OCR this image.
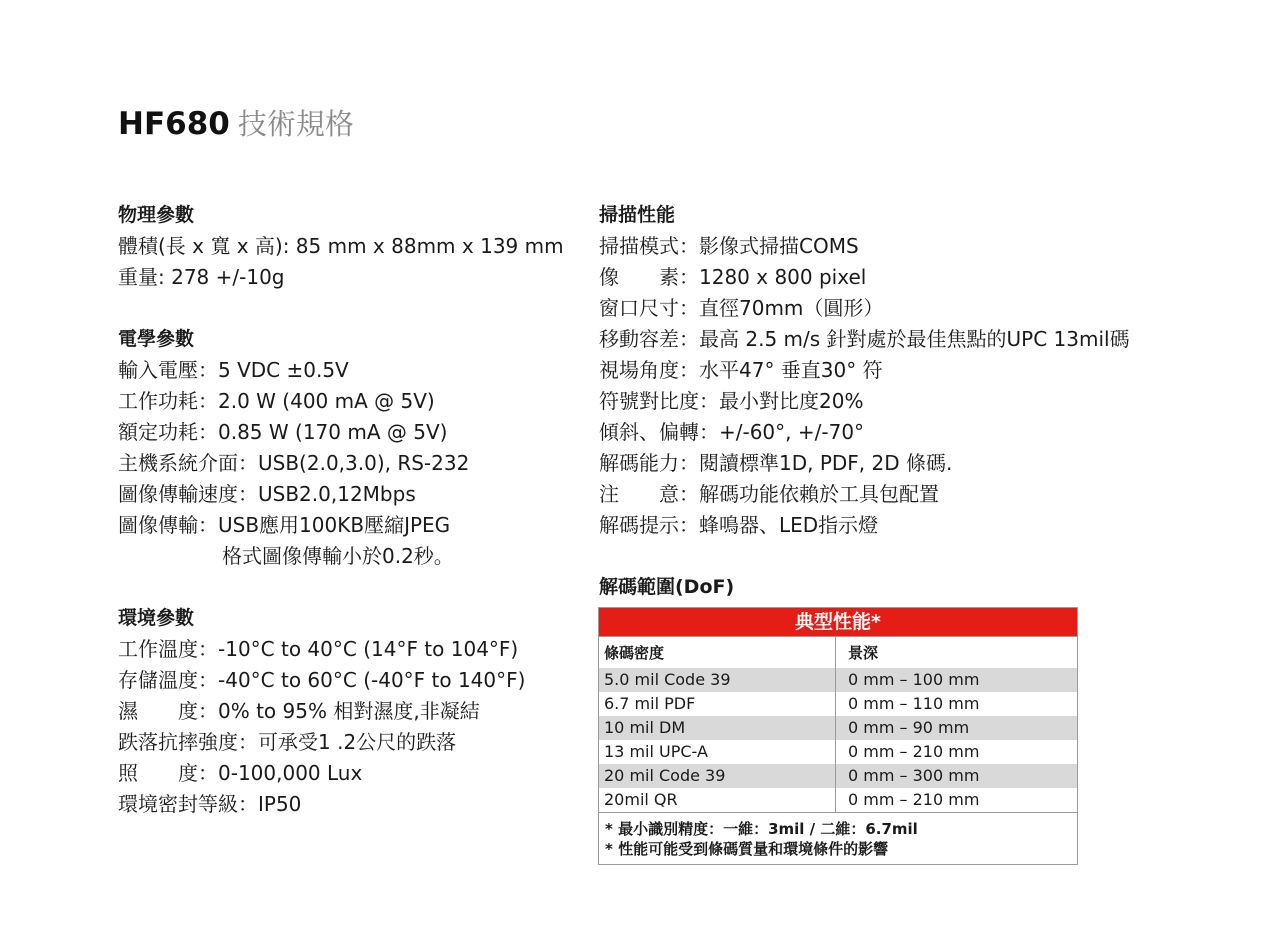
HF680 技術規格
物理參數
體積(長 x 寬 x 高): 85 mm x 88mm x 139 mm
重量: 278 +/-10g
電學參數
輸入電壓：5 VDC ±0.5V
工作功耗：2.0 W (400 mA @ 5V)
額定功耗：0.85 W (170 mA @ 5V)
主機系統介面：USB(2.0,3.0), RS-232
圖像傳輸速度：USB2.0,12Mbps
圖像傳輸：USB應用100KB壓縮JPEG
格式圖像傳輸小於0.2秒。
環境參數
工作溫度：-10°C to 40°C (14°F to 104°F)
存儲溫度：-40°C to 60°C (-40°F to 140°F)
濕　　度：0% to 95% 相對濕度,非凝結
跌落抗摔強度：可承受1 .2公尺的跌落
照　　度：0-100,000 Lux
環境密封等級：IP50
掃描性能
掃描模式：影像式掃描COMS
像　　素：1280 x 800 pixel
窗口尺寸：直徑70mm（圓形）
移動容差：最高 2.5 m/s 針對處於最佳焦點的UPC 13mil碼
視場角度：水平47° 垂直30° 符
符號對比度：最小對比度20%
傾斜、偏轉：+/-60°, +/-70°
解碼能力：閱讀標準1D, PDF, 2D 條碼.
注　　意：解碼功能依賴於工具包配置
解碼提示：蜂鳴器、LED指示燈
解碼範圍(DoF)
典型性能*
條碼密度	景深
5.0 mil Code 39	0 mm – 100 mm
6.7 mil PDF	0 mm – 110 mm
10 mil DM	0 mm – 90 mm
13 mil UPC-A	0 mm – 210 mm
20 mil Code 39	0 mm – 300 mm
20mil QR	0 mm – 210 mm
* 最小識別精度：一維：3mil / 二維：6.7mil
* 性能可能受到條碼質量和環境條件的影響
